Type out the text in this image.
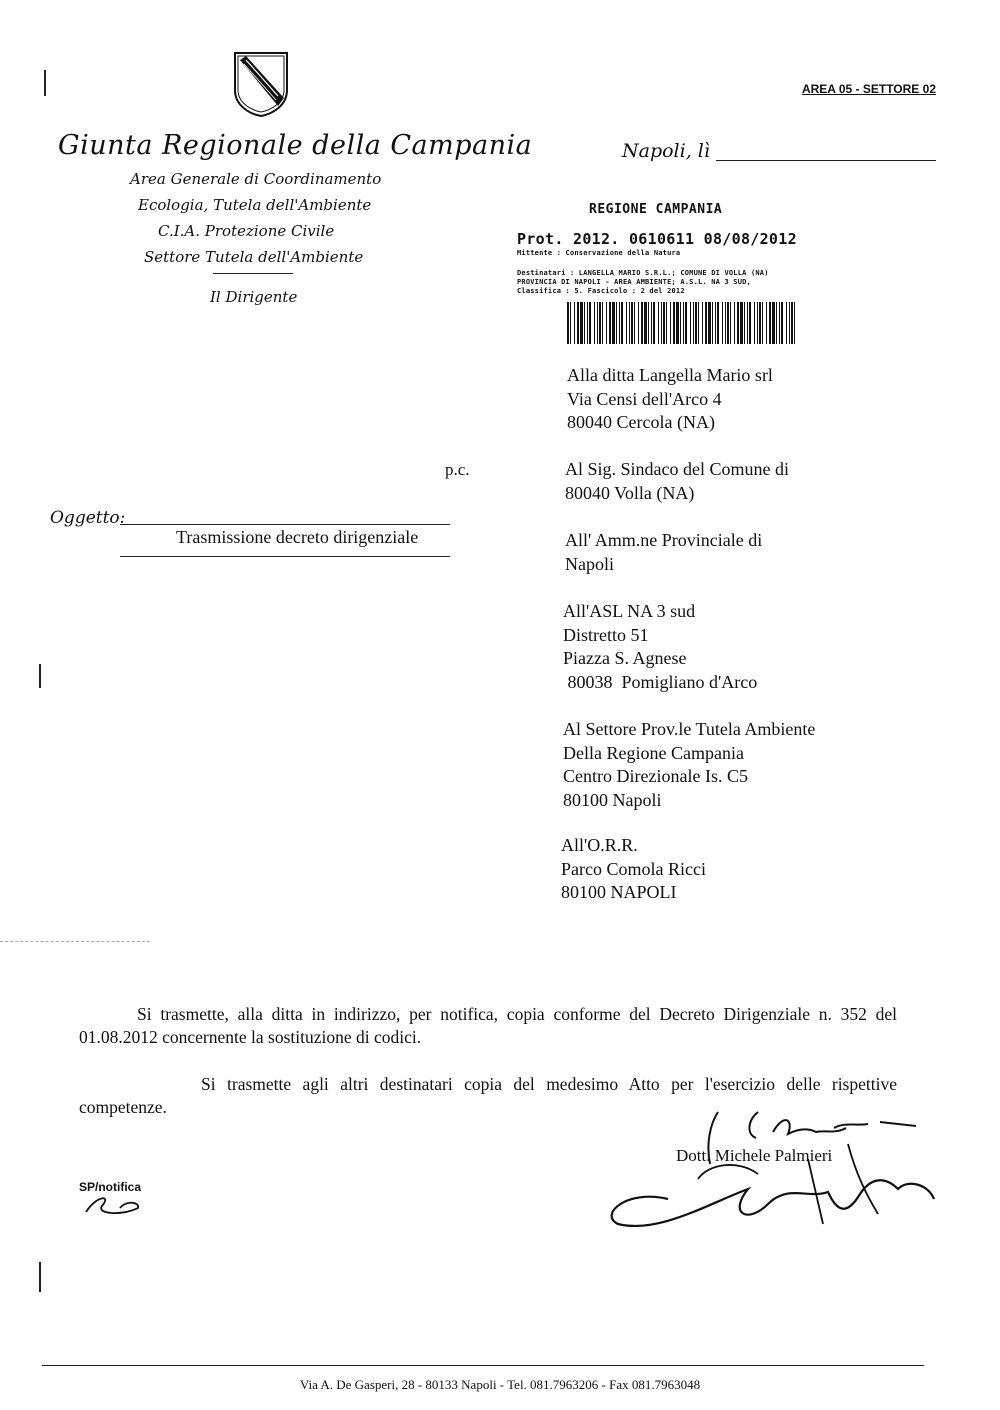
Giunta Regionale della Campania
Area Generale di Coordinamento
Ecologia, Tutela dell'Ambiente
C.I.A. Protezione Civile
Settore Tutela dell'Ambiente
Il Dirigente
AREA 05 - SETTORE 02
Napoli, lì
REGIONE CAMPANIA
Prot. 2012. 0610611 08/08/2012
Mittente : Conservazione della Natura
Destinatari : LANGELLA MARIO S.R.L.; COMUNE DI VOLLA (NA)
PROVINCIA DI NAPOLI - AREA AMBIENTE; A.S.L. NA 3 SUD,
Classifica : 5. Fascicolo : 2 del 2012
Alla ditta Langella Mario srl
Via Censi dell'Arco 4
80040 Cercola (NA)
p.c.	Al Sig. Sindaco del Comune di
80040 Volla (NA)
All' Amm.ne Provinciale di
Napoli
All'ASL NA 3 sud
Distretto 51
Piazza S. Agnese
80038  Pomigliano d'Arco
Al Settore Prov.le Tutela Ambiente
Della Regione Campania
Centro Direzionale Is. C5
80100 Napoli
All'O.R.R.
Parco Comola Ricci
80100 NAPOLI
Oggetto:
Trasmissione decreto dirigenziale
Si trasmette, alla ditta in indirizzo, per notifica, copia conforme del Decreto Dirigenziale n. 352 del 01.08.2012 concernente la sostituzione di codici.
Si trasmette agli altri destinatari copia del medesimo Atto per l'esercizio delle rispettive competenze.
Dott. Michele Palmieri
SP/notifica
Via A. De Gasperi, 28 - 80133 Napoli - Tel. 081.7963206 - Fax 081.7963048
